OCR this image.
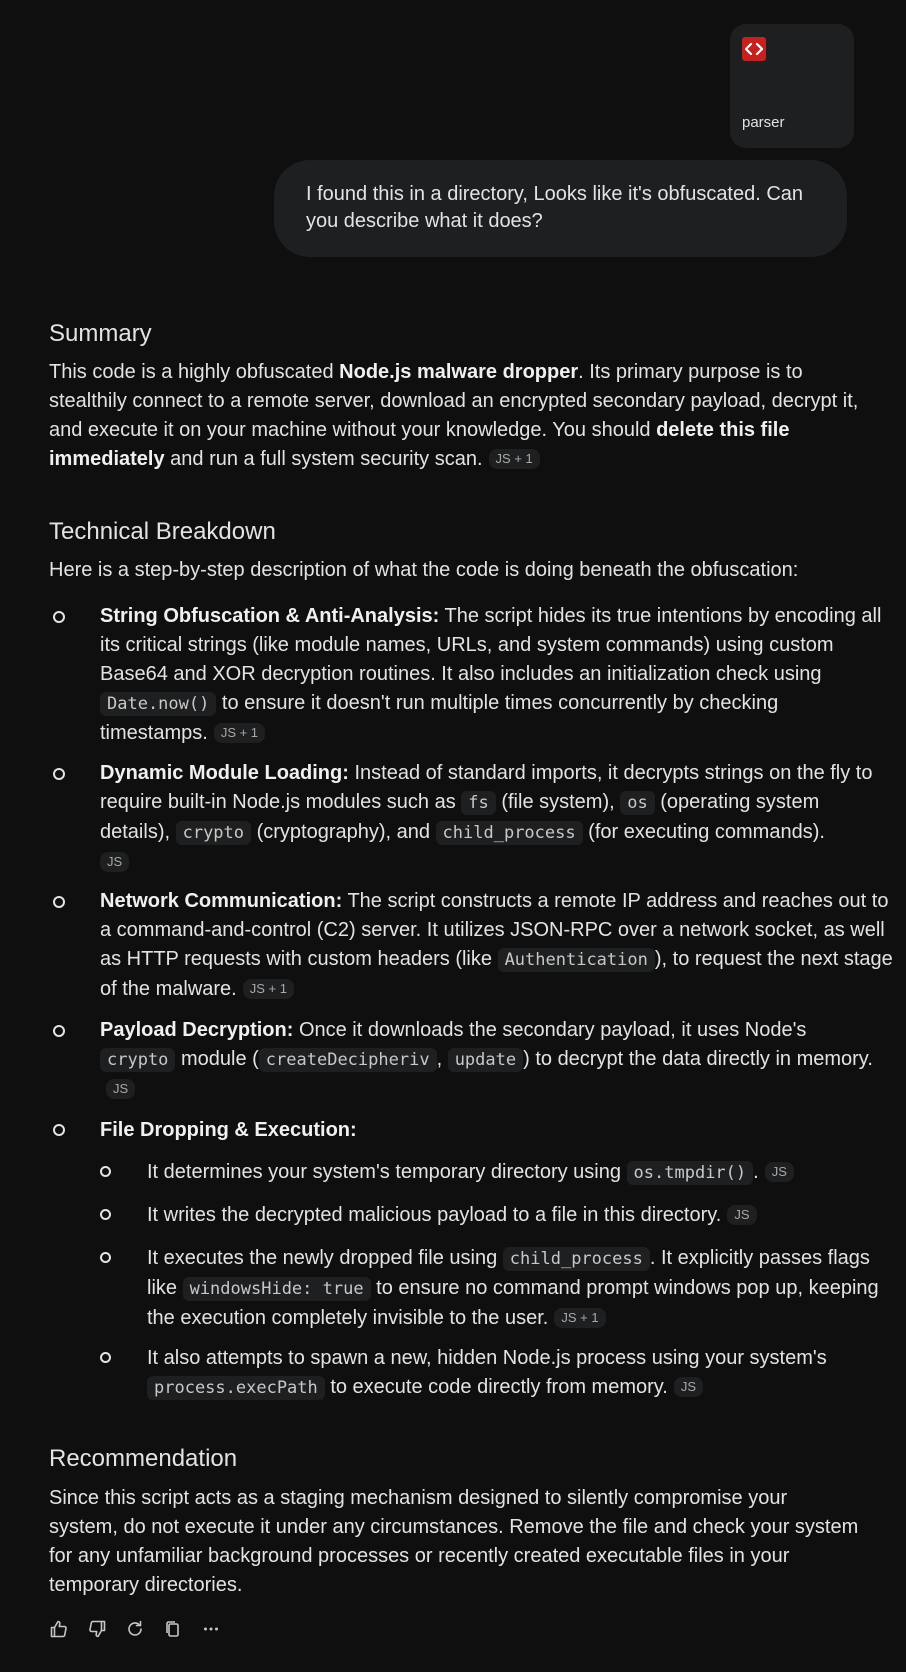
parser
I found this in a directory, Looks like it's obfuscated. Can you describe what it does?
Summary

This code is a highly obfuscated Node.js malware dropper. Its primary purpose is to stealthily connect to a remote server, download an encrypted secondary payload, decrypt it, and execute it on your machine without your knowledge. You should delete this file immediately and run a full system security scan. JS + 1

Technical Breakdown

Here is a step-by-step description of what the code is doing beneath the obfuscation:

String Obfuscation & Anti-Analysis: The script hides its true intentions by encoding all its critical strings (like module names, URLs, and system commands) using custom Base64 and XOR decryption routines. It also includes an initialization check using Date.now() to ensure it doesn't run multiple times concurrently by checking timestamps. JS + 1

Dynamic Module Loading: Instead of standard imports, it decrypts strings on the fly to require built-in Node.js modules such as fs (file system), os (operating system details), crypto (cryptography), and child_process (for executing commands).
JS

Network Communication: The script constructs a remote IP address and reaches out to a command-and-control (C2) server. It utilizes JSON-RPC over a network socket, as well as HTTP requests with custom headers (like Authentication ), to request the next stage of the malware. JS + 1

Payload Decryption: Once it downloads the secondary payload, it uses Node's crypto module ( createDecipheriv , update ) to decrypt the data directly in memory.JS

File Dropping & Execution:

It determines your system's temporary directory using os.tmpdir() . JS

It writes the decrypted malicious payload to a file in this directory. JS

It executes the newly dropped file using child_process . It explicitly passes flags like windowsHide: true to ensure no command prompt windows pop up, keeping the execution completely invisible to the user. JS + 1

It also attempts to spawn a new, hidden Node.js process using your system's process.execPath to execute code directly from memory. JS

Recommendation

Since this script acts as a staging mechanism designed to silently compromise your system, do not execute it under any circumstances. Remove the file and check your system for any unfamiliar background processes or recently created executable files in your temporary directories.
